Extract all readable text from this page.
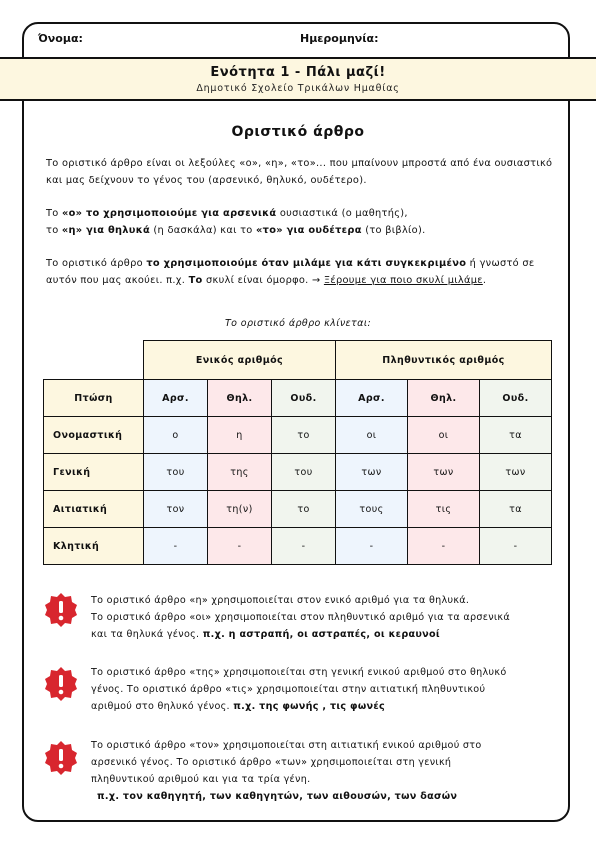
Όνομα:	Ημερομηνία:
Ενότητα 1 - Πάλι μαζί!
Δημοτικό Σχολείο Τρικάλων Ημαθίας
Οριστικό άρθρο
Το οριστικό άρθρο είναι οι λεξούλες «ο», «η», «το»... που μπαίνουν μπροστά από ένα ουσιαστικό και μας δείχνουν το γένος του (αρσενικό, θηλυκό, ουδέτερο).
Το «ο» το χρησιμοποιούμε για αρσενικά ουσιαστικά (ο μαθητής),
το «η» για θηλυκά (η δασκάλα) και το «το» για ουδέτερα (το βιβλίο).
Το οριστικό άρθρο το χρησιμοποιούμε όταν μιλάμε για κάτι συγκεκριμένο ή γνωστό σε αυτόν που μας ακούει. π.χ. Το σκυλί είναι όμορφο. → Ξέρουμε για ποιο σκυλί μιλάμε.
Το οριστικό άρθρο κλίνεται:
	Ενικός αριθμός			Πληθυντικός αριθμός		
Πτώση	Αρσ.	Θηλ.	Ουδ.	Αρσ.	Θηλ.	Ουδ.
Ονομαστική	ο	η	το	οι	οι	τα
Γενική	του	της	του	των	των	των
Αιτιατική	τον	τη(ν)	το	τους	τις	τα
Κλητική	-	-	-	-	-	-
Το οριστικό άρθρο «η» χρησιμοποιείται στον ενικό αριθμό για τα θηλυκά.
Το οριστικό άρθρο «οι» χρησιμοποιείται στον πληθυντικό αριθμό για τα αρσενικά
και τα θηλυκά γένος. π.χ. η αστραπή, οι αστραπές, οι κεραυνοί
Το οριστικό άρθρο «της» χρησιμοποιείται στη γενική ενικού αριθμού στο θηλυκό
γένος. Το οριστικό άρθρο «τις» χρησιμοποιείται στην αιτιατική πληθυντικού
αριθμού στο θηλυκό γένος. π.χ. της φωνής , τις φωνές
Το οριστικό άρθρο «τον» χρησιμοποιείται στη αιτιατική ενικού αριθμού στο
αρσενικό γένος. Το οριστικό άρθρο «των» χρησιμοποιείται στη γενική
πληθυντικού αριθμού και για τα τρία γένη.
π.χ. τον καθηγητή, των καθηγητών, των αιθουσών, των δασών
